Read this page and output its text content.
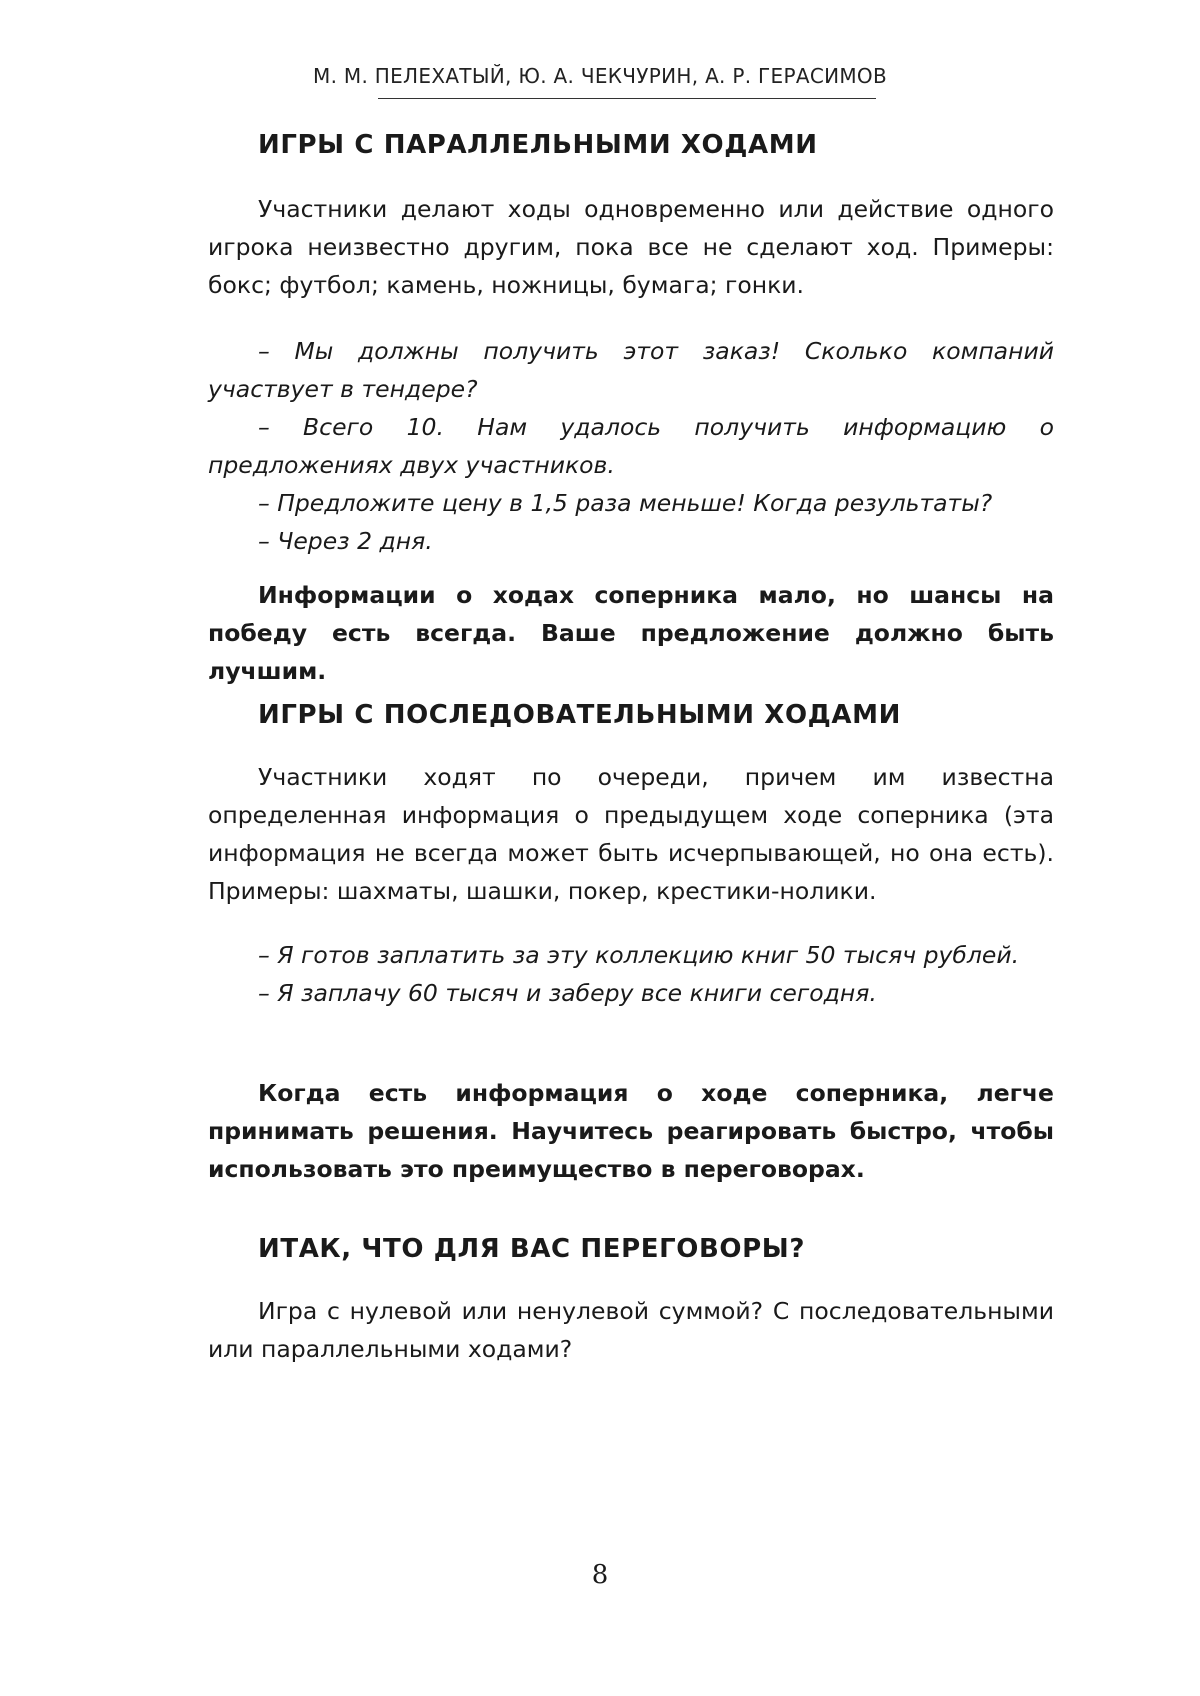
М. М. ПЕЛЕХАТЫЙ, Ю. А. ЧЕКЧУРИН, А. Р. ГЕРАСИМОВ
ИГРЫ С ПАРАЛЛЕЛЬНЫМИ ХОДАМИ

Участники делают ходы одновременно или действие одного игрока неизвестно другим, пока все не сделают ход. Примеры: бокс; футбол; камень, ножницы, бумага; гонки.

– Мы должны получить этот заказ! Сколько компаний участвует в тендере?

– Всего 10. Нам удалось получить информацию о предложениях двух участников.

– Предложите цену в 1,5 раза меньше! Когда результаты?

– Через 2 дня.

Информации о ходах соперника мало, но шансы на победу есть всегда. Ваше предложение должно быть лучшим.

ИГРЫ С ПОСЛЕДОВАТЕЛЬНЫМИ ХОДАМИ

Участники ходят по очереди, причем им известна определенная информация о предыдущем ходе соперника (эта информация не всегда может быть исчерпывающей, но она есть). Примеры: шахматы, шашки, покер, крестики-нолики.

– Я готов заплатить за эту коллекцию книг 50 тысяч рублей.

– Я заплачу 60 тысяч и заберу все книги сегодня.

Когда есть информация о ходе соперника, легче принимать решения. Научитесь реагировать быстро, чтобы использовать это преимущество в переговорах.

ИТАК, ЧТО ДЛЯ ВАС ПЕРЕГОВОРЫ?

Игра с нулевой или ненулевой суммой? С последовательными или параллельными ходами?

8
